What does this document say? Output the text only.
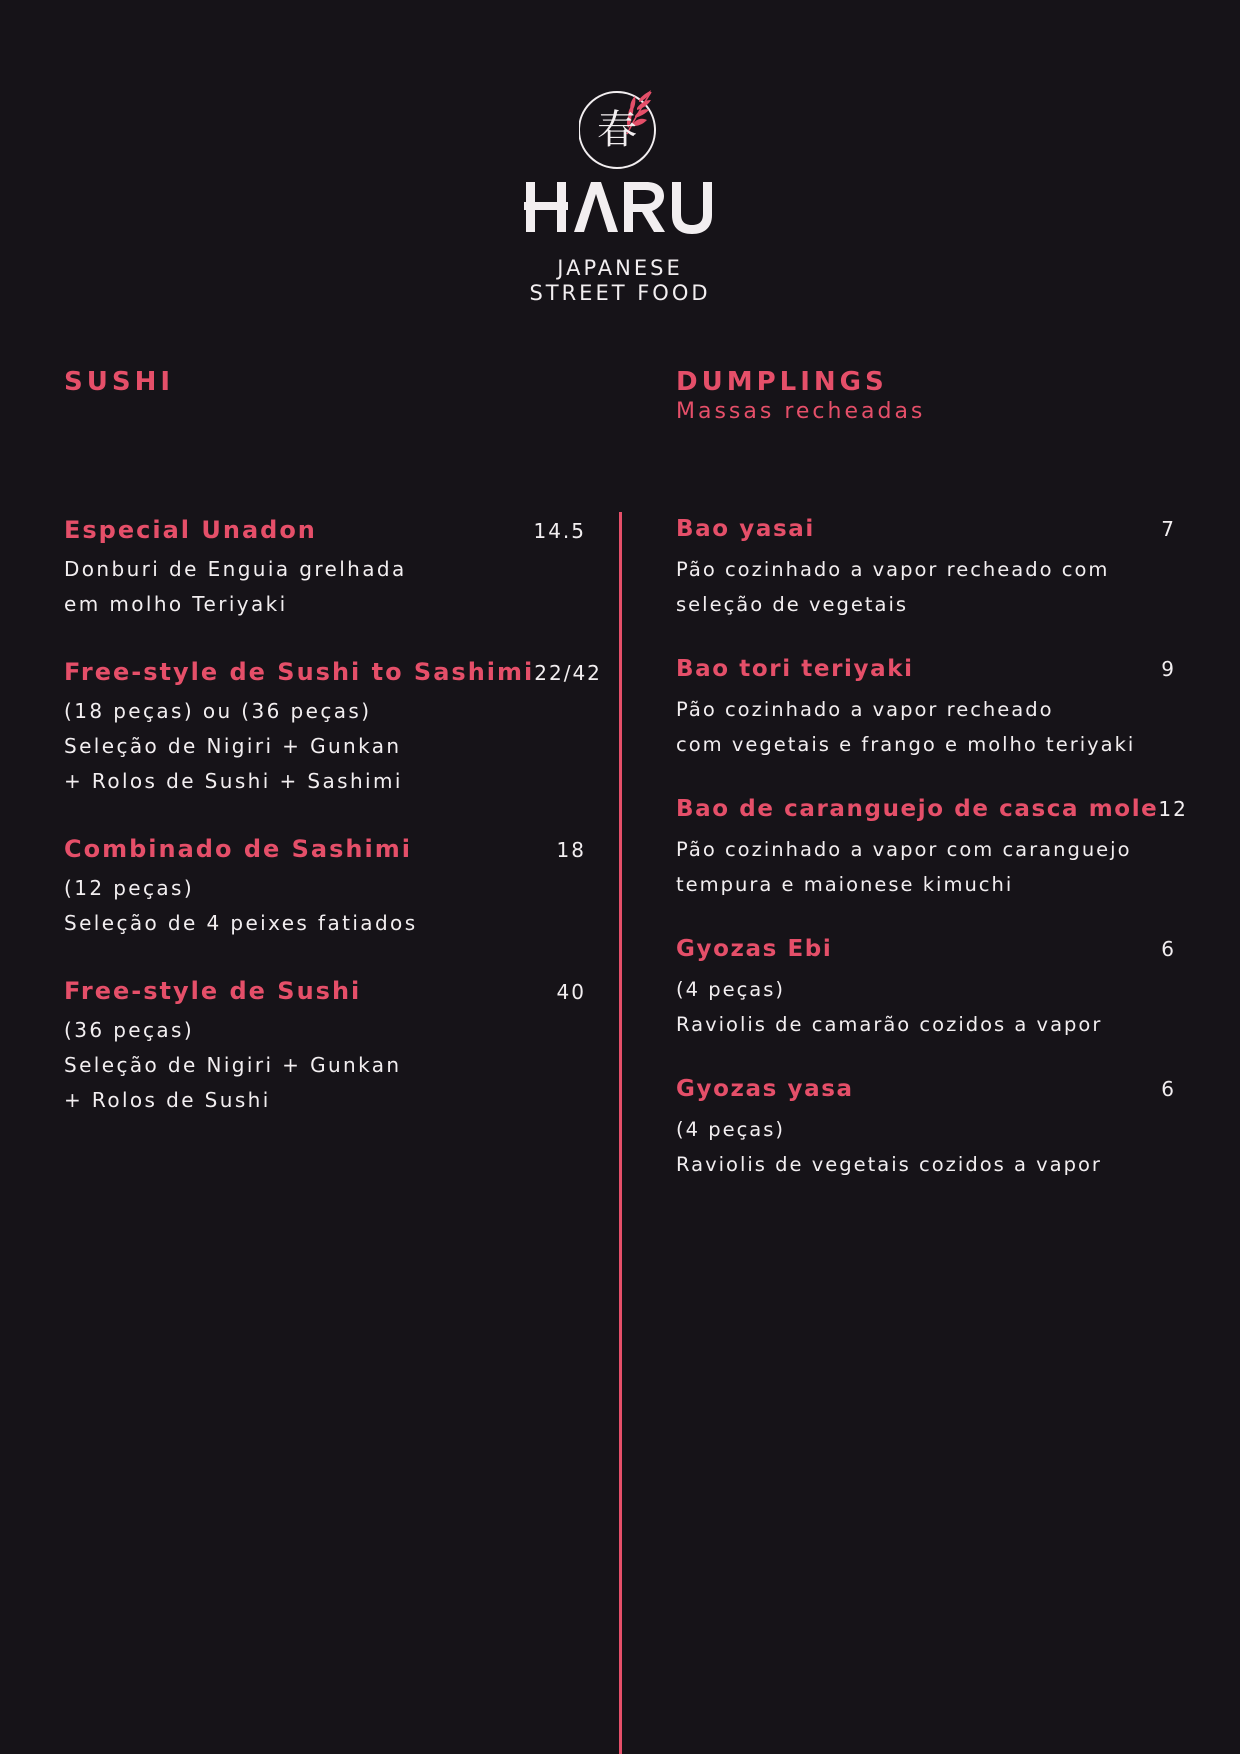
春
JAPANESE
STREET FOOD
SUSHI	DUMPLINGS
Massas recheadas
Especial Unadon	14.5
Donburi de Enguia grelhada
em molho Teriyaki
Free-style de Sushi to Sashimi 22/42
(18 peças) ou (36 peças)
Seleção de Nigiri + Gunkan
+ Rolos de Sushi + Sashimi
Combinado de Sashimi	18
(12 peças)
Seleção de 4 peixes fatiados
Free-style de Sushi	40
(36 peças)
Seleção de Nigiri + Gunkan
+ Rolos de Sushi
Bao yasai	7
Pão cozinhado a vapor recheado com
seleção de vegetais
Bao tori teriyaki	9
Pão cozinhado a vapor recheado
com vegetais e frango e molho teriyaki
Bao de caranguejo de casca mole 12
Pão cozinhado a vapor com caranguejo
tempura e maionese kimuchi
Gyozas Ebi	6
(4 peças)
Raviolis de camarão cozidos a vapor
Gyozas yasa	6
(4 peças)
Raviolis de vegetais cozidos a vapor
